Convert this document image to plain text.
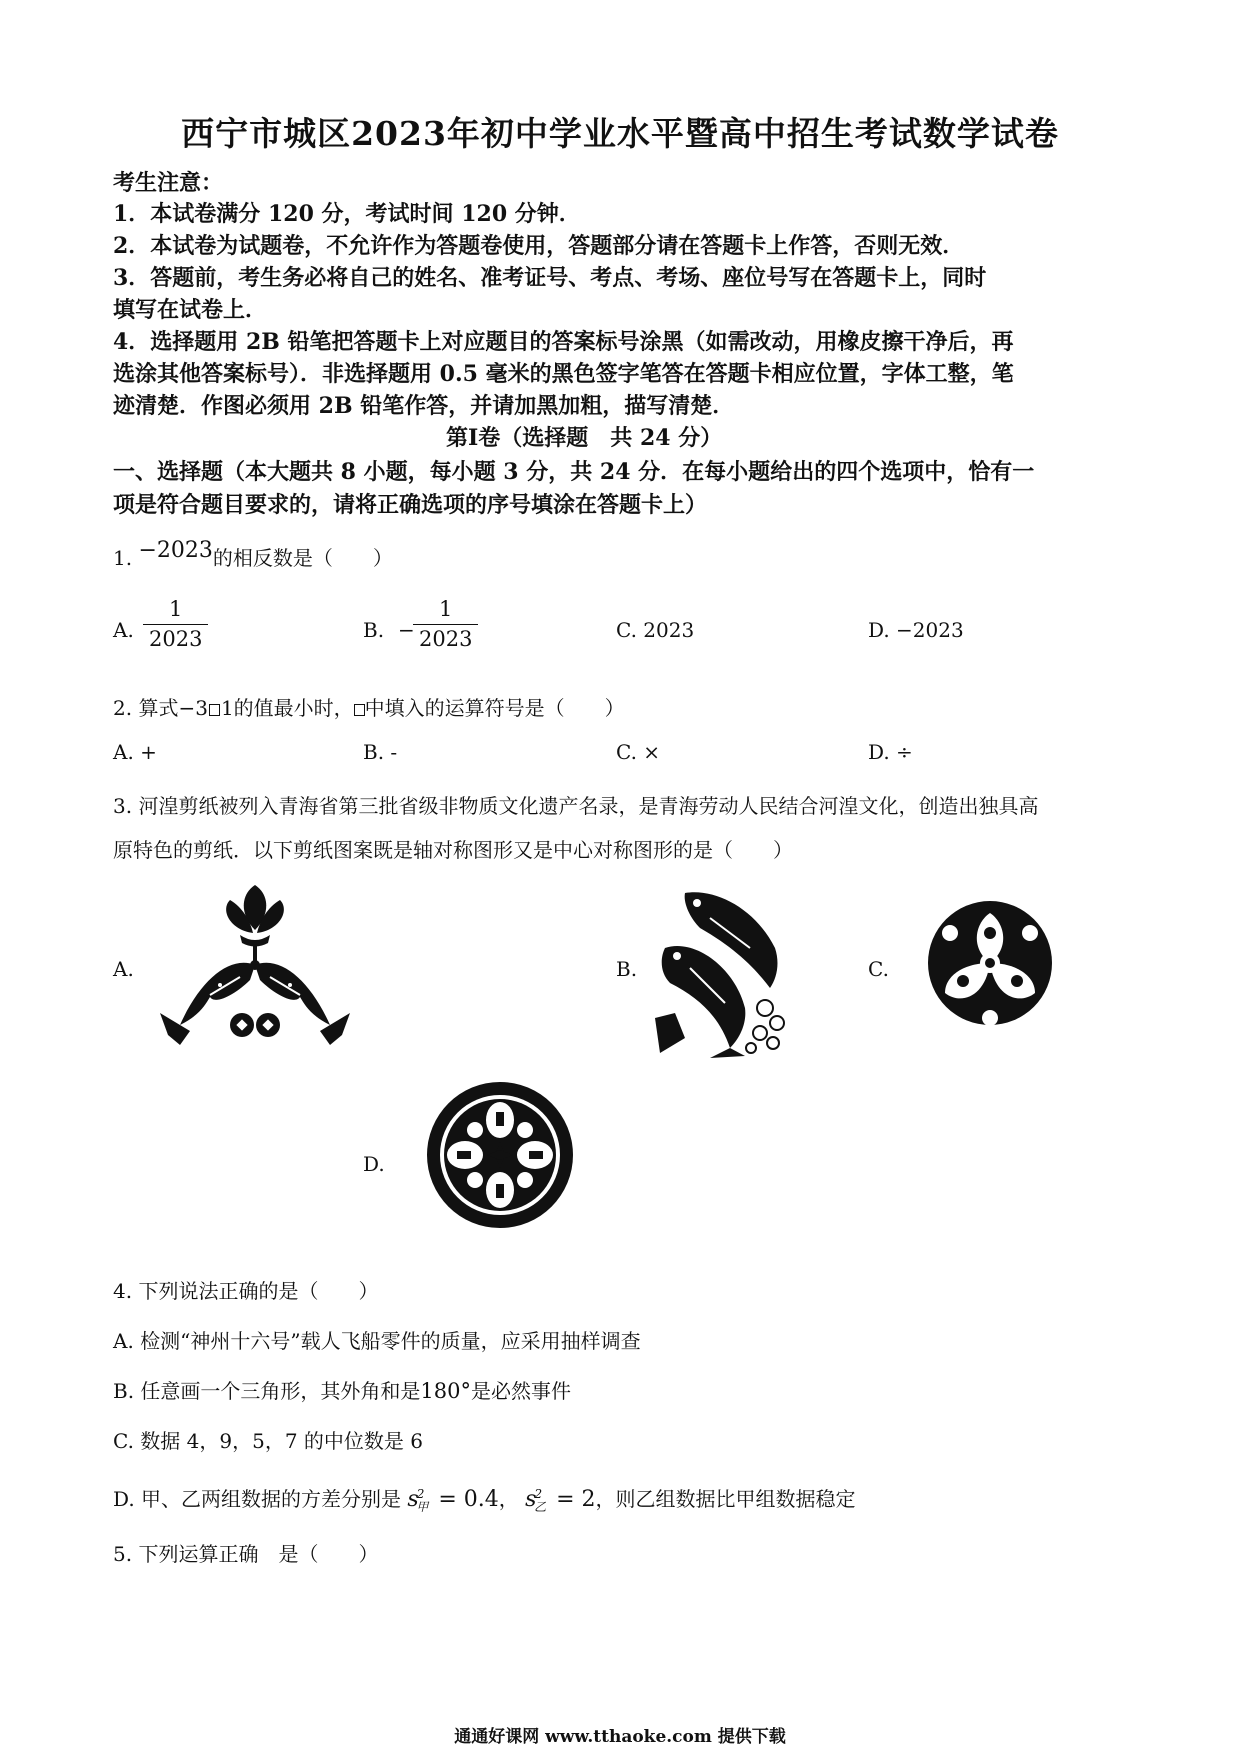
西宁市城区2023年初中学业水平暨高中招生考试数学试卷
考生注意：
1．本试卷满分 120 分，考试时间 120 分钟．
2．本试卷为试题卷，不允许作为答题卷使用，答题部分请在答题卡上作答，否则无效．
3．答题前，考生务必将自己的姓名、准考证号、考点、考场、座位号写在答题卡上，同时
填写在试卷上．
4．选择题用 2B 铅笔把答题卡上对应题目的答案标号涂黑（如需改动，用橡皮擦干净后，再
选涂其他答案标号）．非选择题用 0.5 毫米的黑色签字笔答在答题卡相应位置，字体工整，笔
迹清楚．作图必须用 2B 铅笔作答，并请加黑加粗，描写清楚．
第Ⅰ卷（选择题　共 24 分）
一、选择题（本大题共 8 小题，每小题 3 分，共 24 分．在每小题给出的四个选项中，恰有一
项是符合题目要求的，请将正确选项的序号填涂在答题卡上）
1. −2023的相反数是（　　）
A. $\frac{1}{2023}$	B. −
$\frac{1}{2023}$	C. 2023	D. −2023
2. 算式−3 1的值最小时， 中填入的运算符号是（　　）
A. +	B. -	C. ×	D. ÷
3. 河湟剪纸被列入青海省第三批省级非物质文化遗产名录，是青海劳动人民结合河湟文化，创造出独具高
原特色的剪纸．以下剪纸图案既是轴对称图形又是中心对称图形的是（　　）
A.	B.	C.
D.
4. 下列说法正确的是（　　）
A. 检测“神州十六号”载人飞船零件的质量，应采用抽样调查
B. 任意画一个三角形，其外角和是180°是必然事件
C. 数据 4，9，5，7 的中位数是 6
D. 甲、乙两组数据的方差分别是 $s^2_甲 = 0.4$， $s^2_乙 = 2$，则乙组数据比甲组数据稳定
5. 下列运算正确　是（　　）
通通好课网 www.tthaoke.com 提供下载
